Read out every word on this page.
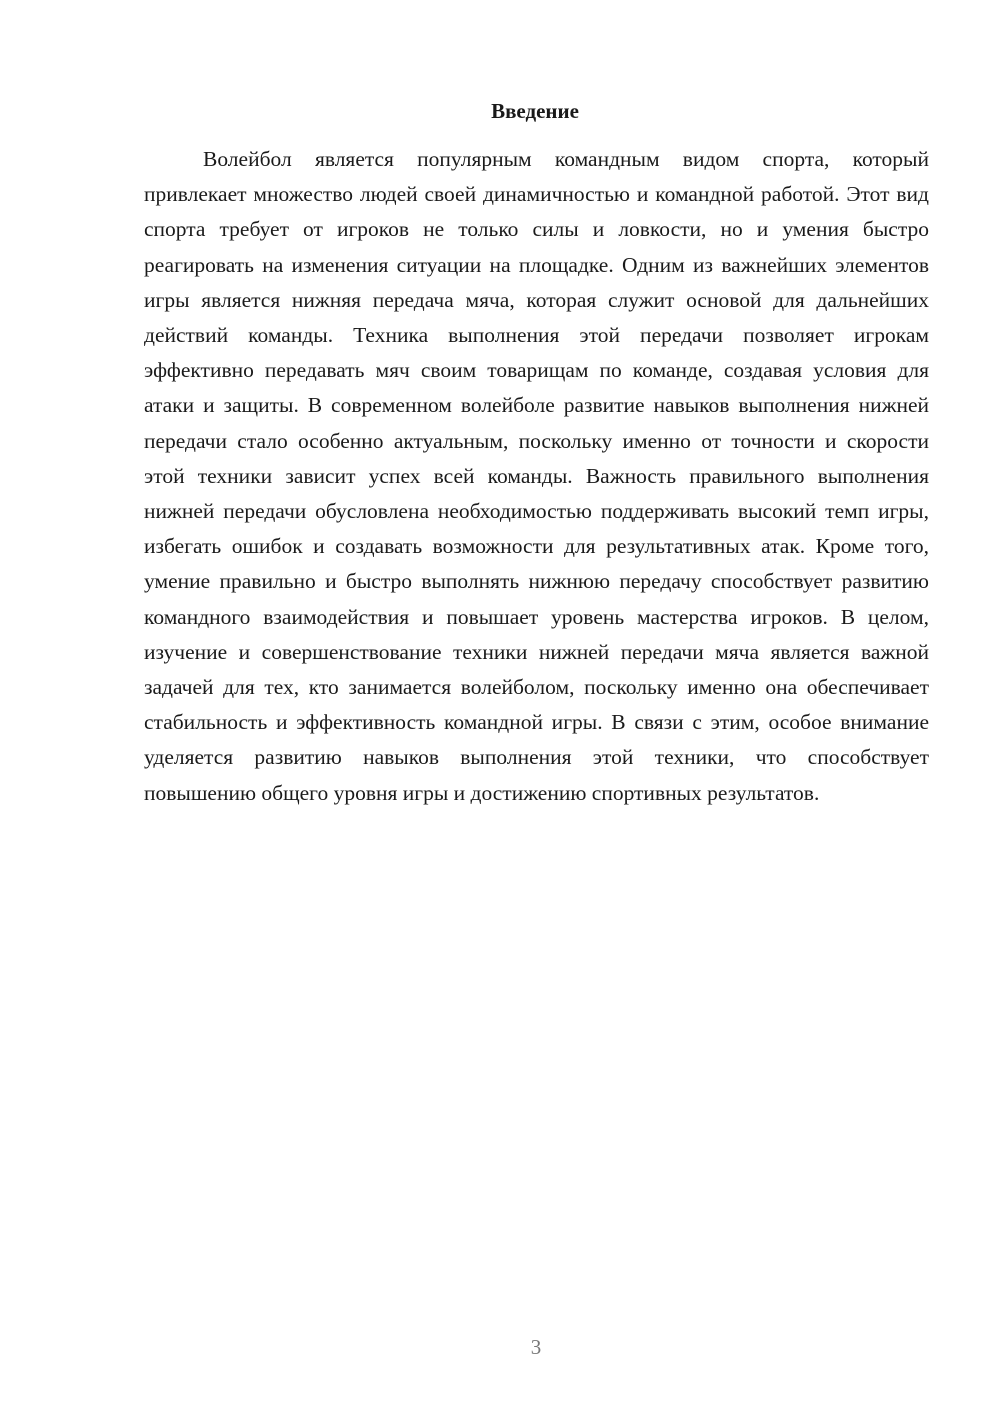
Введение

Волейбол является популярным командным видом спорта, который привлекает множество людей своей динамичностью и командной работой. Этот вид спорта требует от игроков не только силы и ловкости, но и умения быстро реагировать на изменения ситуации на площадке. Одним из важнейших элементов игры является нижняя передача мяча, которая служит основой для дальнейших действий команды. Техника выполнения этой передачи позволяет игрокам эффективно передавать мяч своим товарищам по команде, создавая условия для атаки и защиты. В современном волейболе развитие навыков выполнения нижней передачи стало особенно актуальным, поскольку именно от точности и скорости этой техники зависит успех всей команды. Важность правильного выполнения нижней передачи обусловлена необходимостью поддерживать высокий темп игры, избегать ошибок и создавать возможности для результативных атак. Кроме того, умение правильно и быстро выполнять нижнюю передачу способствует развитию командного взаимодействия и повышает уровень мастерства игроков. В целом, изучение и совершенствование техники нижней передачи мяча является важной задачей для тех, кто занимается волейболом, поскольку именно она обеспечивает стабильность и эффективность командной игры. В связи с этим, особое внимание уделяется развитию навыков выполнения этой техники, что способствует повышению общего уровня игры и достижению спортивных результатов.

3
